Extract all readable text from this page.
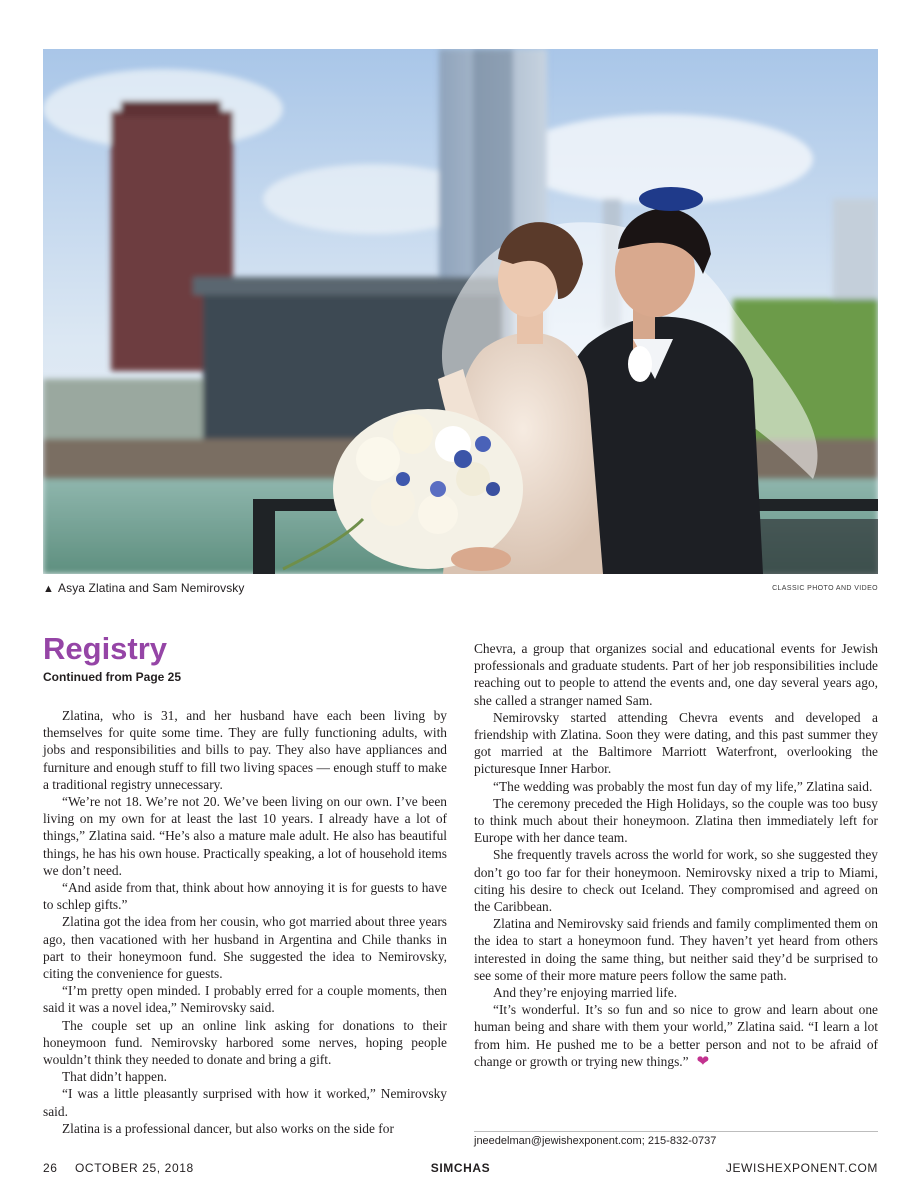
▲ Asya Zlatina and Sam Nemirovsky	CLASSIC PHOTO AND VIDEO
Registry
Continued from Page 25

Zlatina, who is 31, and her husband have each been living by themselves for quite some time. They are fully functioning adults, with jobs and responsibilities and bills to pay. They also have appliances and furniture and enough stuff to fill two living spaces — enough stuff to make a traditional registry unnecessary.

“We’re not 18. We’re not 20. We’ve been living on our own. I’ve been living on my own for at least the last 10 years. I already have a lot of things,” Zlatina said. “He’s also a mature male adult. He also has beautiful things, he has his own house. Practically speaking, a lot of household items we don’t need.

“And aside from that, think about how annoying it is for guests to have to schlep gifts.”

Zlatina got the idea from her cousin, who got married about three years ago, then vacationed with her husband in Argentina and Chile thanks in part to their honeymoon fund. She suggested the idea to Nemirovsky, citing the convenience for guests.

“I’m pretty open minded. I probably erred for a couple moments, then said it was a novel idea,” Nemirovsky said.

The couple set up an online link asking for donations to their honeymoon fund. Nemirovsky harbored some nerves, hoping people wouldn’t think they needed to donate and bring a gift.

That didn’t happen.

“I was a little pleasantly surprised with how it worked,” Nemirovsky said.

Zlatina is a professional dancer, but also works on the side for

Chevra, a group that organizes social and educational events for Jewish professionals and graduate students. Part of her job responsibilities include reaching out to people to attend the events and, one day several years ago, she called a stranger named Sam.

Nemirovsky started attending Chevra events and developed a friendship with Zlatina. Soon they were dating, and this past summer they got married at the Baltimore Marriott Waterfront, overlooking the picturesque Inner Harbor.

“The wedding was probably the most fun day of my life,” Zlatina said.

The ceremony preceded the High Holidays, so the couple was too busy to think much about their honeymoon. Zlatina then immediately left for Europe with her dance team.

She frequently travels across the world for work, so she suggested they don’t go too far for their honeymoon. Nemirovsky nixed a trip to Miami, citing his desire to check out Iceland. They compromised and agreed on the Caribbean.

Zlatina and Nemirovsky said friends and family complimented them on the idea to start a honeymoon fund. They haven’t yet heard from others interested in doing the same thing, but neither said they’d be surprised to see some of their more mature peers follow the same path.

And they’re enjoying married life.

“It’s wonderful. It’s so fun and so nice to grow and learn about one human being and share with them your world,” Zlatina said. “I learn a lot from him. He pushed me to be a better person and not to be afraid of change or growth or trying new things.” ❤

jneedelman@jewishexponent.com; 215-832-0737
26 OCTOBER 25, 2018	SIMCHAS	JEWISHEXPONENT.COM
